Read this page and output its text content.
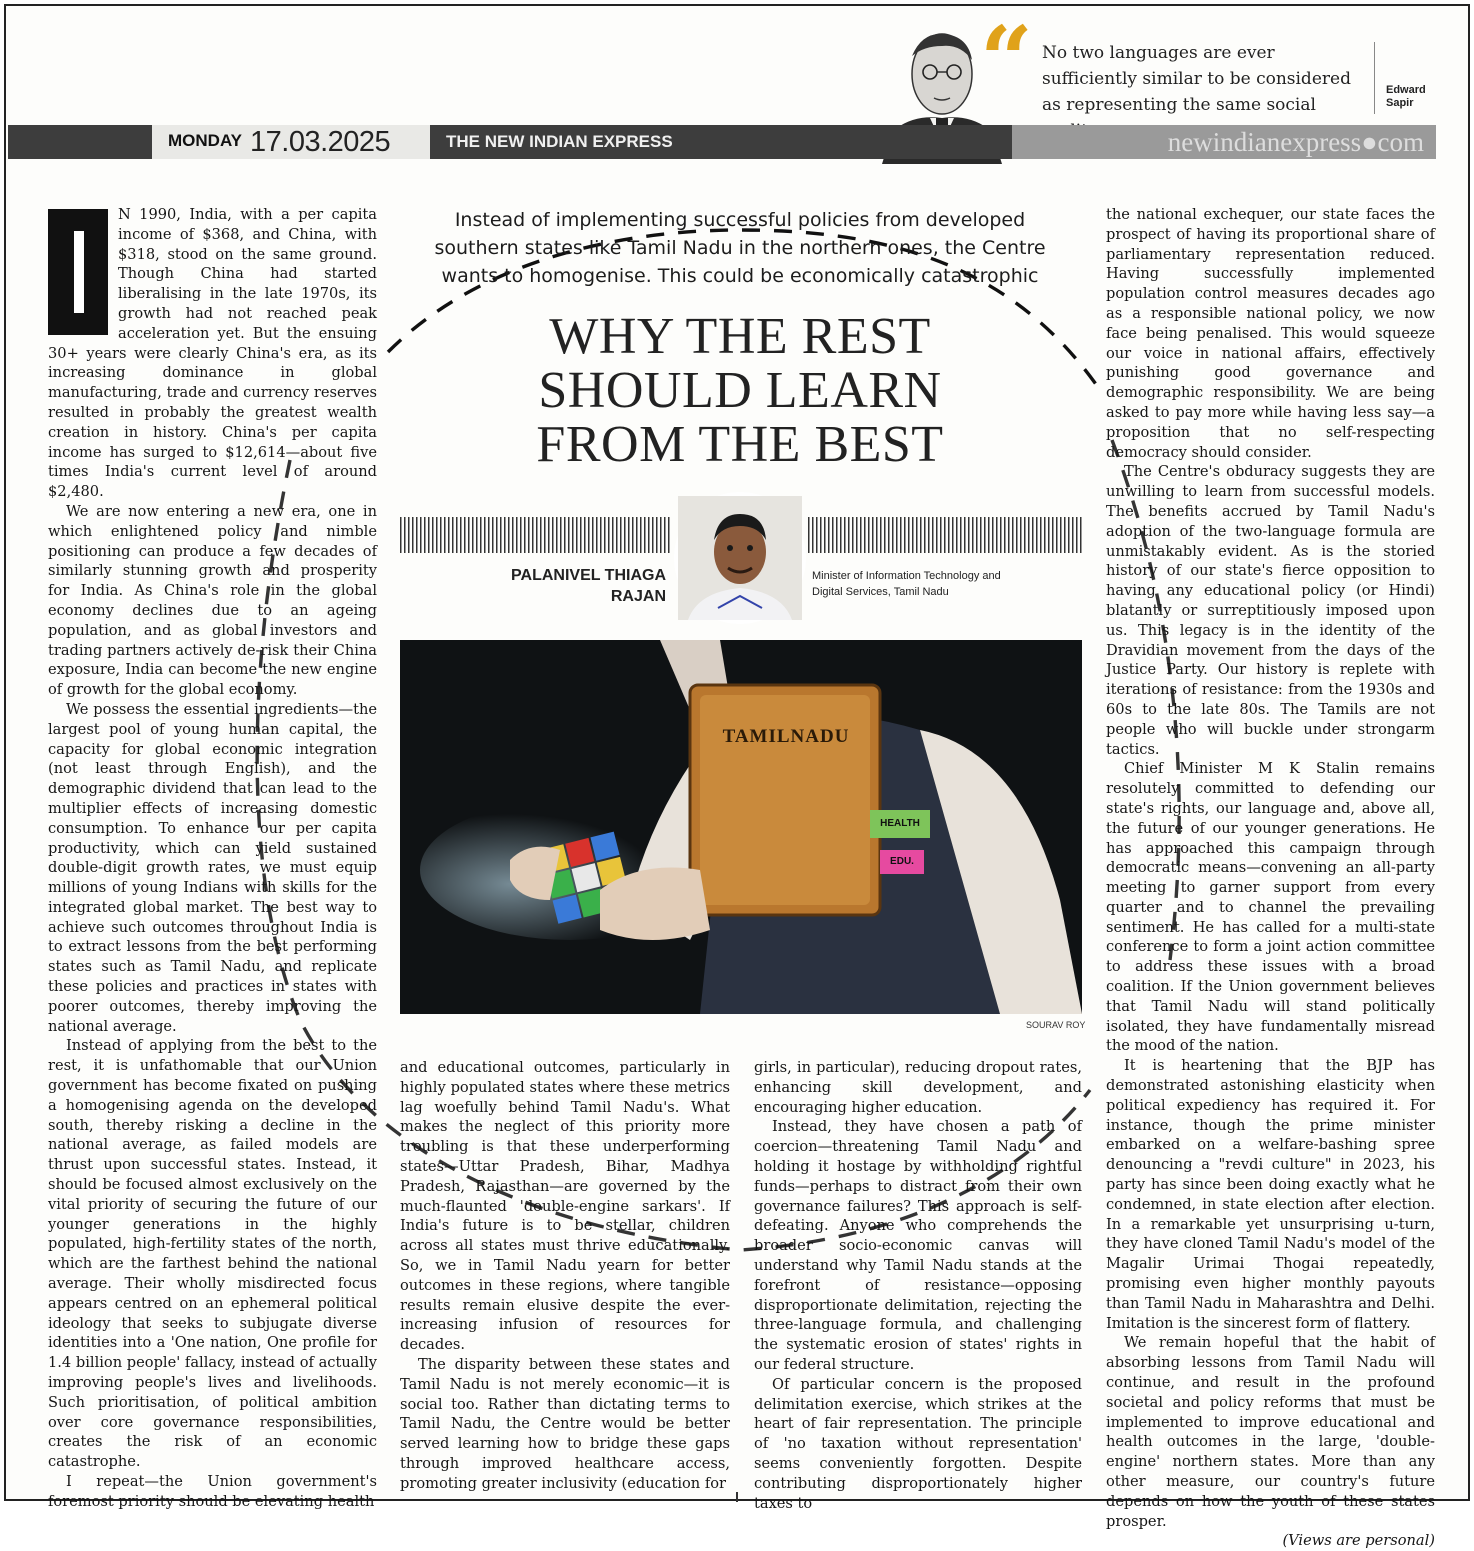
“ No two languages are ever sufficiently similar to be considered as representing the same social
Edward Sapir
MONDAY 17.03.2025	THE NEW INDIAN EXPRESS	newindianexpress●com

N 1990, India, with a per capita income of $368, and China, with $318, stood on the same ground. Though China had started liberalising in the late 1970s, its growth had not reached peak acceleration yet. But the ensuing 30+ years were clearly China's era, as its increasing dominance in global manufacturing, trade and currency reserves resulted in probably the greatest wealth creation in history. China's per capita income has surged to $12,614—about five times India's current level of around $2,480.

We are now entering a new era, one in which enlightened policy and nimble positioning can produce a few decades of similarly stunning growth and prosperity for India. As China's role in the global economy declines due to an ageing population, and as global investors and trading partners actively de-risk their China exposure, India can become the new engine of growth for the global economy.

We possess the essential ingredients—the largest pool of young human capital, the capacity for global economic integration (not least through English), and the demographic dividend that can lead to the multiplier effects of increasing domestic consumption. To enhance our per capita productivity, which can yield sustained double-digit growth rates, we must equip millions of young Indians with skills for the integrated global market. The best way to achieve such outcomes throughout India is to extract lessons from the best performing states such as Tamil Nadu, and replicate these policies and practices in states with poorer outcomes, thereby improving the national average.

Instead of applying from the best to the rest, it is unfathomable that our Union government has become fixated on pushing a homogenising agenda on the developed south, thereby risking a decline in the national average, as failed models are thrust upon successful states. Instead, it should be focused almost exclusively on the vital priority of securing the future of our younger generations in the highly populated, high-fertility states of the north, which are the farthest behind the national average. Their wholly misdirected focus appears centred on an ephemeral political ideology that seeks to subjugate diverse identities into a 'One nation, One profile for 1.4 billion people' fallacy, instead of actually improving people's lives and livelihoods. Such prioritisation, of political ambition over core governance responsibilities, creates the risk of an economic catastrophe.

I repeat—the Union government's foremost priority should be elevating health

Instead of implementing successful policies from developed southern states like Tamil Nadu in the northern ones, the Centre wants to homogenise. This could be economically catastrophic
WHY THE REST SHOULD LEARN FROM THE BEST
PALANIVEL THIAGA RAJAN
Minister of Information Technology and Digital Services, Tamil Nadu
TAMILNADU
HEALTH
EDU.
SOURAV ROY

and educational outcomes, particularly in highly populated states where these metrics lag woefully behind Tamil Nadu's. What makes the neglect of this priority more troubling is that these underperforming states—Uttar Pradesh, Bihar, Madhya Pradesh, Rajasthan—are governed by the much-flaunted 'double-engine sarkars'. If India's future is to be stellar, children across all states must thrive educationally. So, we in Tamil Nadu yearn for better outcomes in these regions, where tangible results remain elusive despite the ever-increasing infusion of resources for decades.

The disparity between these states and Tamil Nadu is not merely economic—it is social too. Rather than dictating terms to Tamil Nadu, the Centre would be better served learning how to bridge these gaps through improved healthcare access, promoting greater inclusivity (education for

girls, in particular), reducing dropout rates, enhancing skill development, and encouraging higher education.

Instead, they have chosen a path of coercion—threatening Tamil Nadu and holding it hostage by withholding rightful funds—perhaps to distract from their own governance failures? This approach is self-defeating. Anyone who comprehends the broader socio-economic canvas will understand why Tamil Nadu stands at the forefront of resistance—opposing disproportionate delimitation, rejecting the three-language formula, and challenging the systematic erosion of states' rights in our federal structure.

Of particular concern is the proposed delimitation exercise, which strikes at the heart of fair representation. The principle of 'no taxation without representation' seems conveniently forgotten. Despite contributing disproportionately higher taxes to

the national exchequer, our state faces the prospect of having its proportional share of parliamentary representation reduced. Having successfully implemented population control measures decades ago as a responsible national policy, we now face being penalised. This would squeeze our voice in national affairs, effectively punishing good governance and demographic responsibility. We are being asked to pay more while having less say—a proposition that no self-respecting democracy should consider.

The Centre's obduracy suggests they are unwilling to learn from successful models. The benefits accrued by Tamil Nadu's adoption of the two-language formula are unmistakably evident. As is the storied history of our state's fierce opposition to having any educational policy (or Hindi) blatantly or surreptitiously imposed upon us. This legacy is in the identity of the Dravidian movement from the days of the Justice Party. Our history is replete with iterations of resistance: from the 1930s and 60s to the late 80s. The Tamils are not people who will buckle under strongarm tactics.

Chief Minister M K Stalin remains resolutely committed to defending our state's rights, our language and, above all, the future of our younger generations. He has approached this campaign through democratic means—convening an all-party meeting to garner support from every quarter and to channel the prevailing sentiment. He has called for a multi-state conference to form a joint action committee to address these issues with a broad coalition. If the Union government believes that Tamil Nadu will stand politically isolated, they have fundamentally misread the mood of the nation.

It is heartening that the BJP has demonstrated astonishing elasticity when political expediency has required it. For instance, though the prime minister embarked on a welfare-bashing spree denouncing a "revdi culture" in 2023, his party has since been doing exactly what he condemned, in state election after election. In a remarkable yet unsurprising u-turn, they have cloned Tamil Nadu's model of the Magalir Urimai Thogai repeatedly, promising even higher monthly payouts than Tamil Nadu in Maharashtra and Delhi. Imitation is the sincerest form of flattery.

We remain hopeful that the habit of absorbing lessons from Tamil Nadu will continue, and result in the profound societal and policy reforms that must be implemented to improve educational and health outcomes in the large, 'double-engine' northern states. More than any other measure, our country's future depends on how the youth of these states prosper.

(Views are personal)
